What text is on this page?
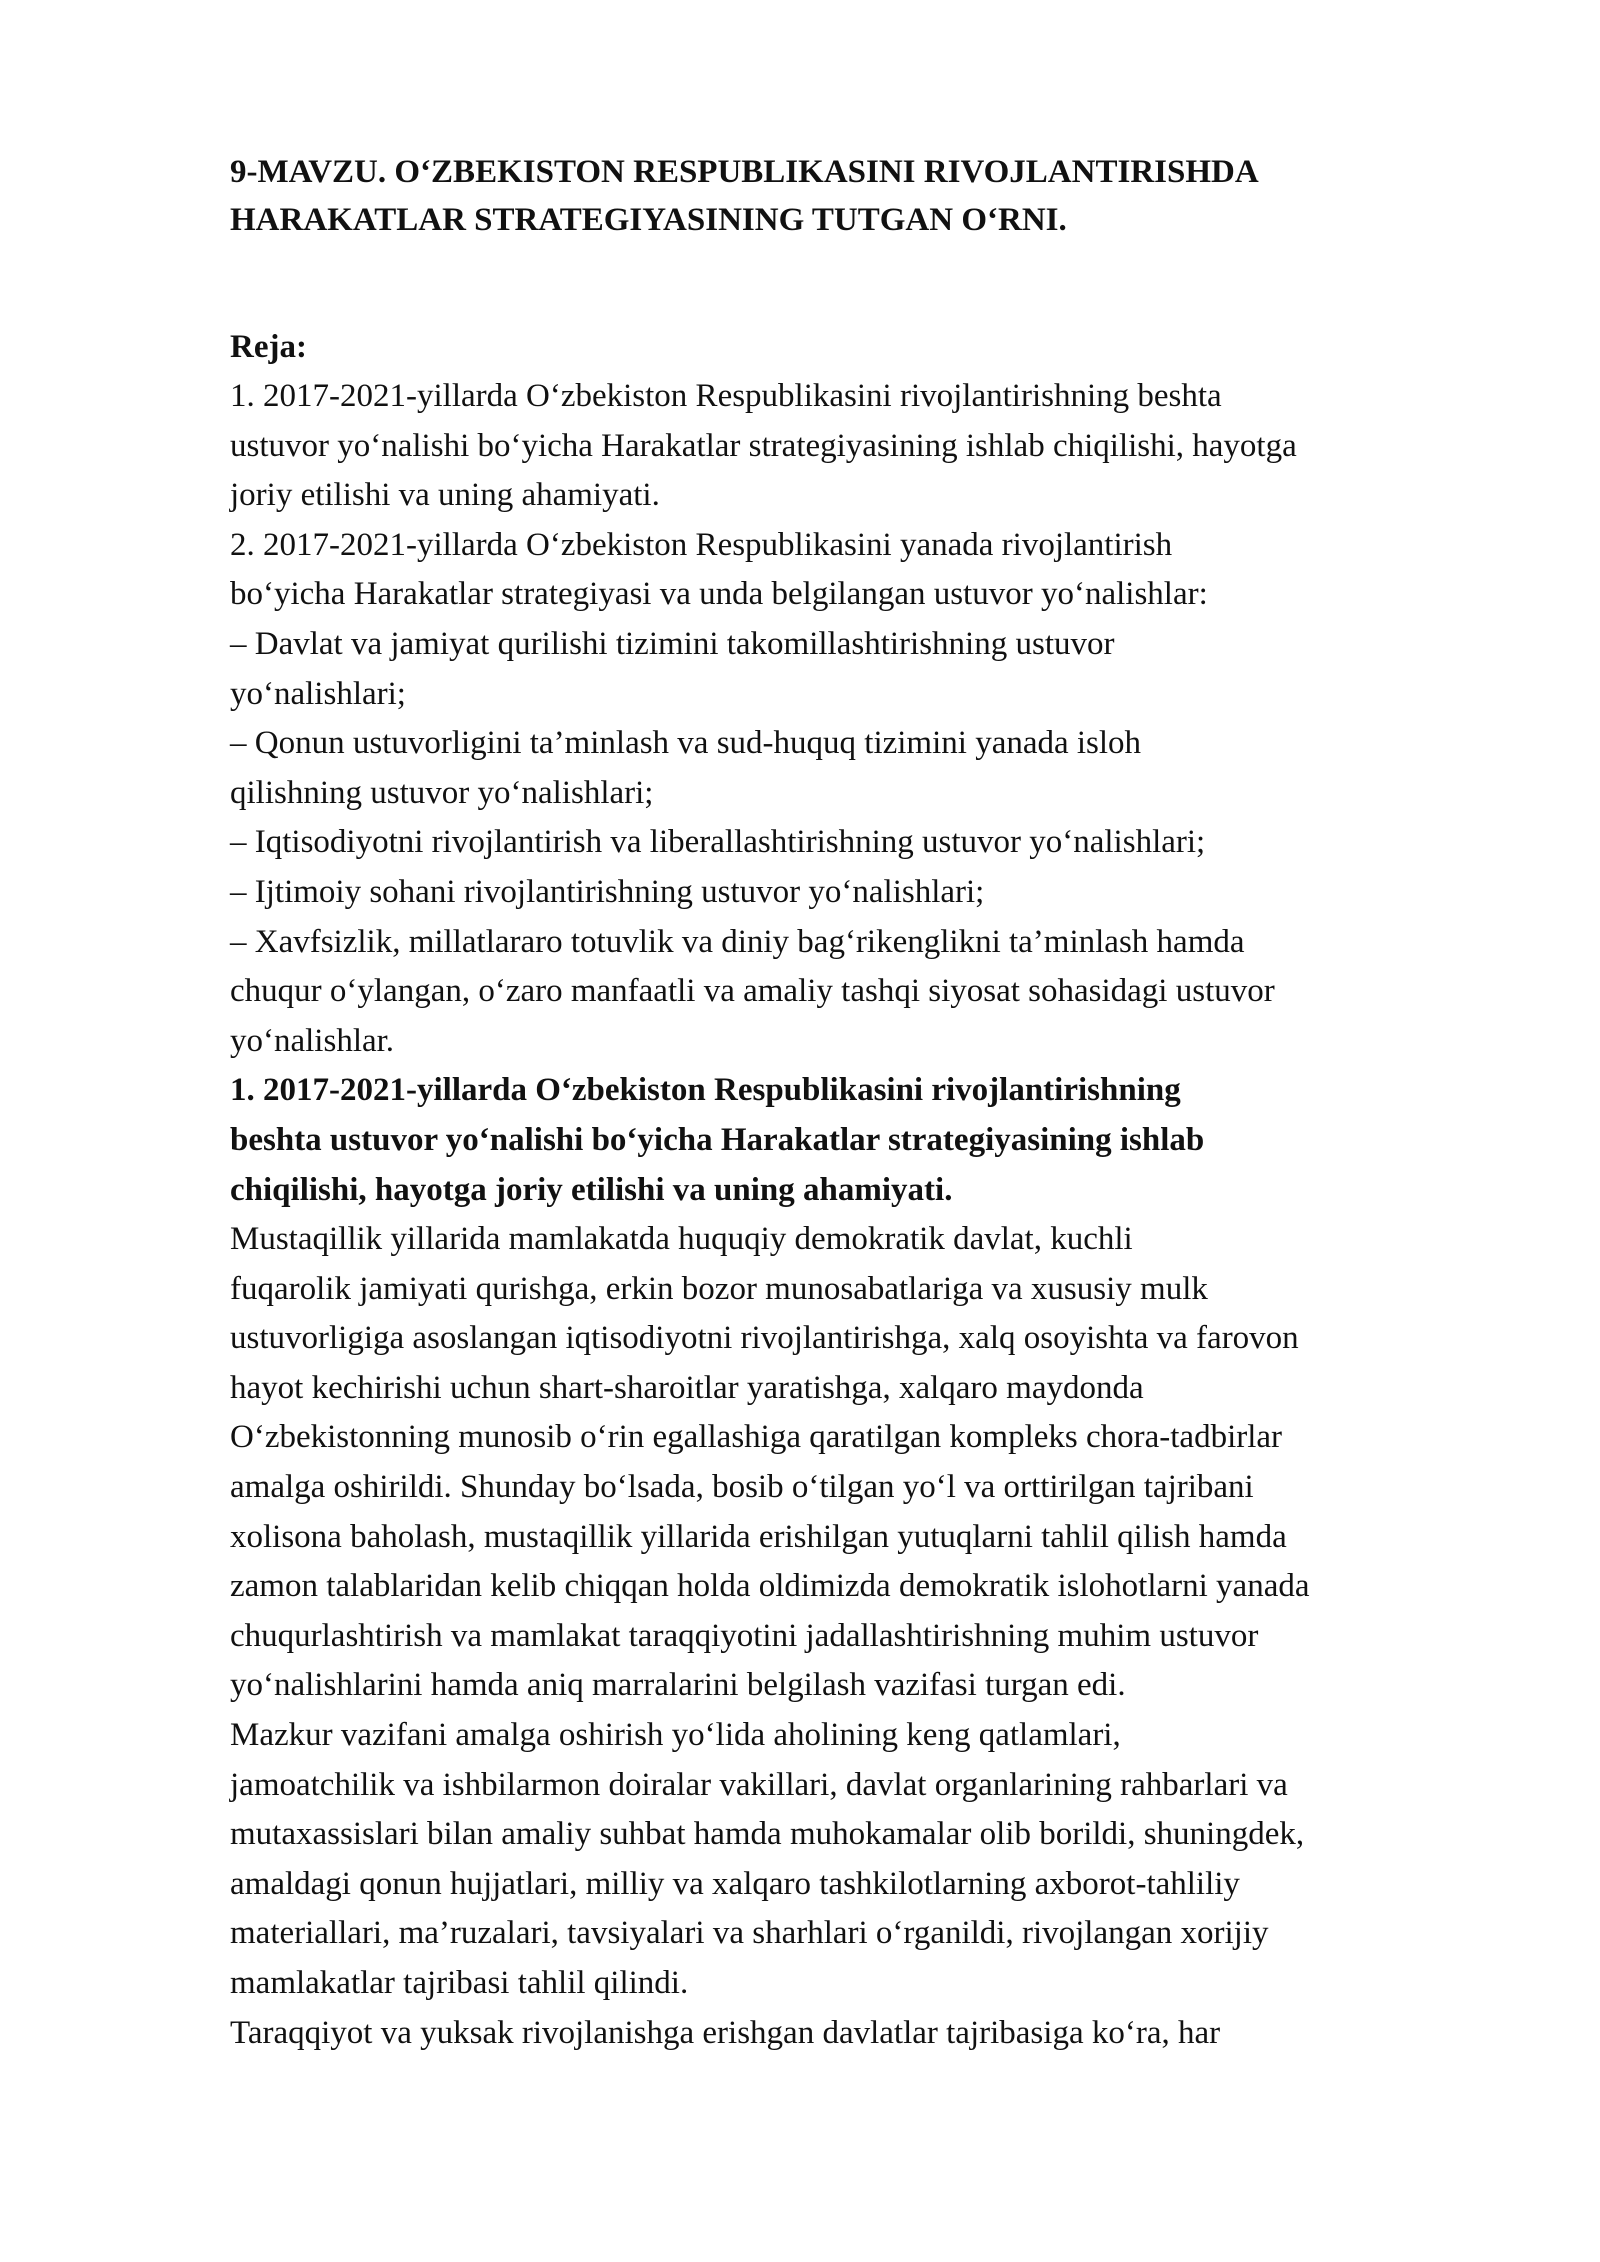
9-MAVZU. O‘ZBEKISTON RESPUBLIKASINI RIVOJLANTIRISHDA
HARAKATLAR STRATEGIYASINING TUTGAN O‘RNI.
Reja:
1. 2017-2021-yillarda O‘zbekiston Respublikasini rivojlantirishning beshta
ustuvor yo‘nalishi bo‘yicha Harakatlar strategiyasining ishlab chiqilishi, hayotga
joriy etilishi va uning ahamiyati.
2. 2017-2021-yillarda O‘zbekiston Respublikasini yanada rivojlantirish
bo‘yicha Harakatlar strategiyasi va unda belgilangan ustuvor yo‘nalishlar:
– Davlat va jamiyat qurilishi tizimini takomillashtirishning ustuvor
yo‘nalishlari;
– Qonun ustuvorligini ta’minlash va sud-huquq tizimini yanada isloh
qilishning ustuvor yo‘nalishlari;
– Iqtisodiyotni rivojlantirish va liberallashtirishning ustuvor yo‘nalishlari;
– Ijtimoiy sohani rivojlantirishning ustuvor yo‘nalishlari;
– Xavfsizlik, millatlararo totuvlik va diniy bag‘rikenglikni ta’minlash hamda
chuqur o‘ylangan, o‘zaro manfaatli va amaliy tashqi siyosat sohasidagi ustuvor
yo‘nalishlar.
1. 2017-2021-yillarda O‘zbekiston Respublikasini rivojlantirishning
beshta ustuvor yo‘nalishi bo‘yicha Harakatlar strategiyasining ishlab
chiqilishi, hayotga joriy etilishi va uning ahamiyati.
Mustaqillik yillarida mamlakatda huquqiy demokratik davlat, kuchli
fuqarolik jamiyati qurishga, erkin bozor munosabatlariga va xususiy mulk
ustuvorligiga asoslangan iqtisodiyotni rivojlantirishga, xalq osoyishta va farovon
hayot kechirishi uchun shart-sharoitlar yaratishga, xalqaro maydonda
O‘zbekistonning munosib o‘rin egallashiga qaratilgan kompleks chora-tadbirlar
amalga oshirildi. Shunday bo‘lsada, bosib o‘tilgan yo‘l va orttirilgan tajribani
xolisona baholash, mustaqillik yillarida erishilgan yutuqlarni tahlil qilish hamda
zamon talablaridan kelib chiqqan holda oldimizda demokratik islohotlarni yanada
chuqurlashtirish va mamlakat taraqqiyotini jadallashtirishning muhim ustuvor
yo‘nalishlarini hamda aniq marralarini belgilash vazifasi turgan edi.
Mazkur vazifani amalga oshirish yo‘lida aholining keng qatlamlari,
jamoatchilik va ishbilarmon doiralar vakillari, davlat organlarining rahbarlari va
mutaxassislari bilan amaliy suhbat hamda muhokamalar olib borildi, shuningdek,
amaldagi qonun hujjatlari, milliy va xalqaro tashkilotlarning axborot-tahliliy
materiallari, ma’ruzalari, tavsiyalari va sharhlari o‘rganildi, rivojlangan xorijiy
mamlakatlar tajribasi tahlil qilindi.
Taraqqiyot va yuksak rivojlanishga erishgan davlatlar tajribasiga ko‘ra, har
